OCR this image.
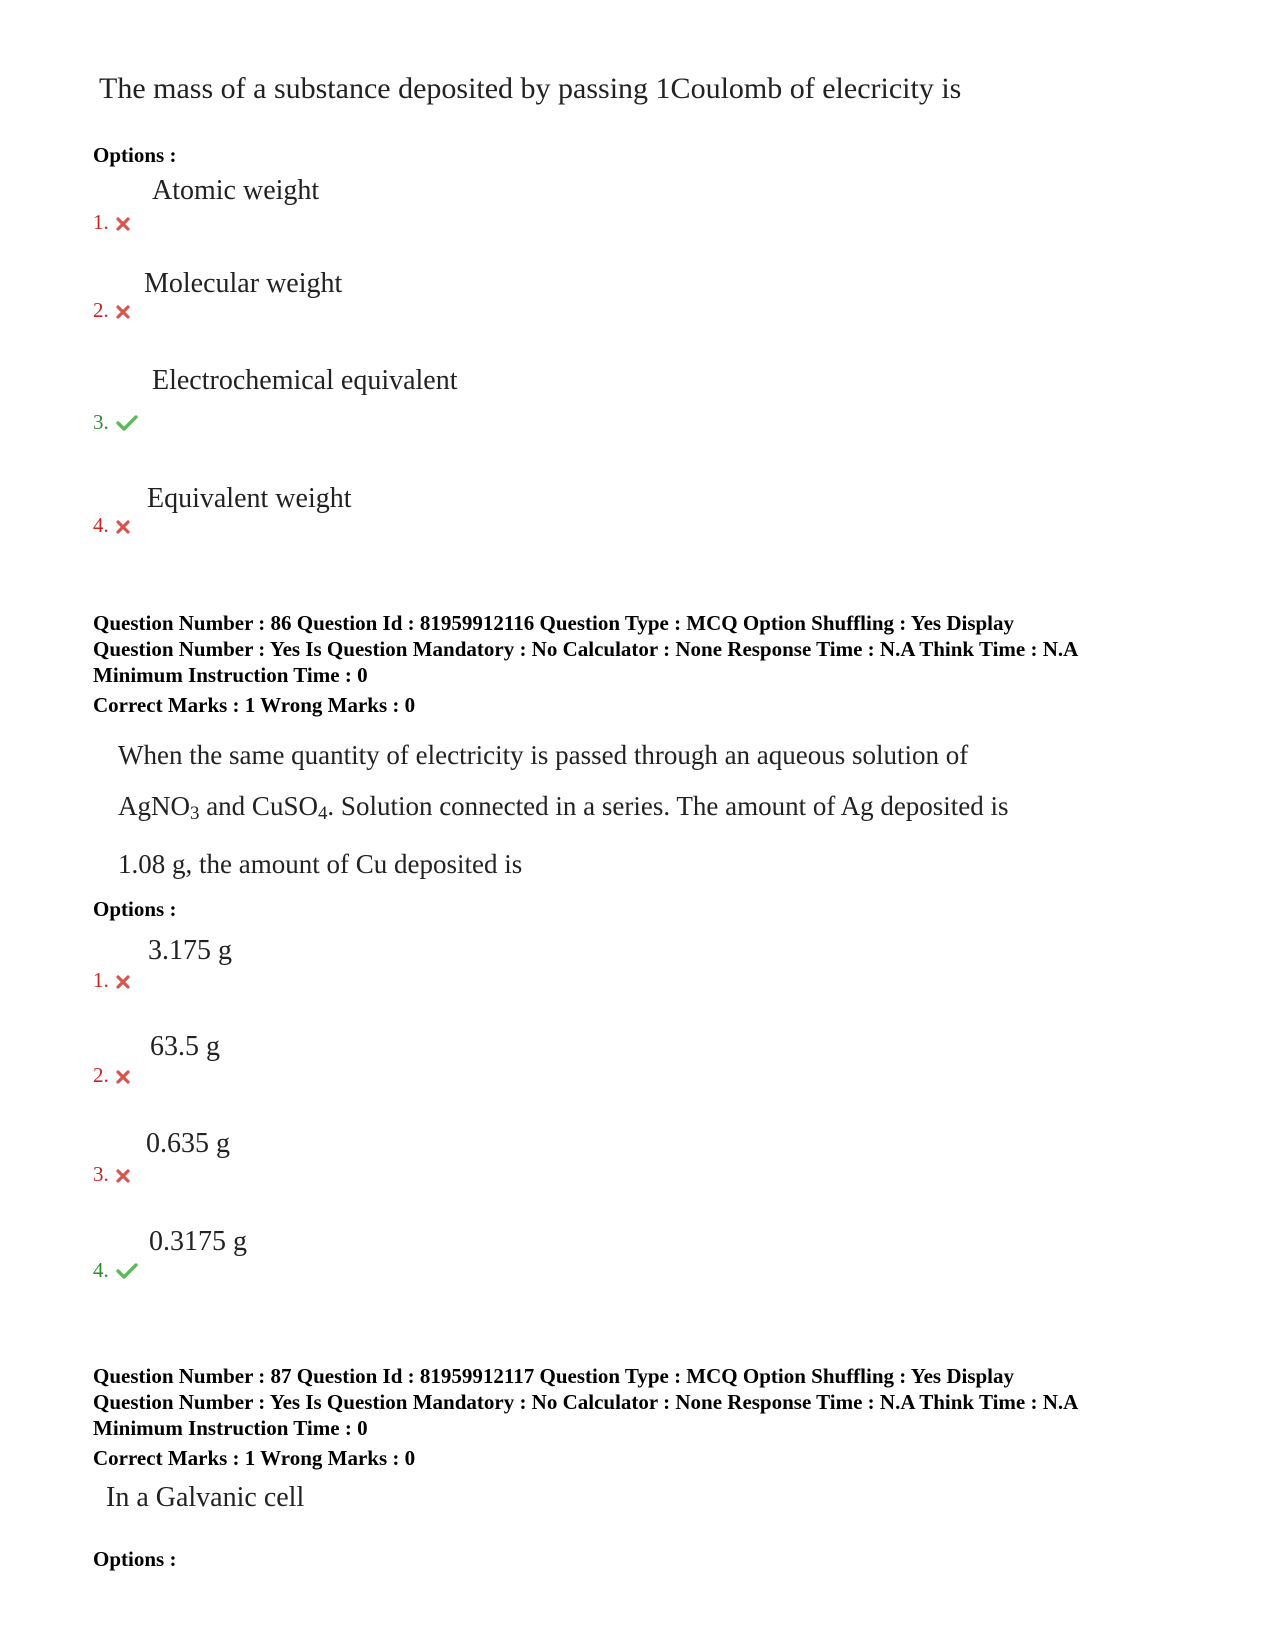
The mass of a substance deposited by passing 1Coulomb of elecricity is
Options :
Atomic weight
1.
Molecular weight
2.
Electrochemical equivalent
3.
Equivalent weight
4.
Question Number : 86 Question Id : 81959912116 Question Type : MCQ Option Shuffling : Yes Display
Question Number : Yes Is Question Mandatory : No Calculator : None Response Time : N.A Think Time : N.A
Minimum Instruction Time : 0
Correct Marks : 1 Wrong Marks : 0
When the same quantity of electricity is passed through an aqueous solution of
AgNO$_3$ and CuSO$_4$. Solution connected in a series. The amount of Ag deposited is
1.08 g, the amount of Cu deposited is
Options :
3.175 g
1.
63.5 g
2.
0.635 g
3.
0.3175 g
4.
Question Number : 87 Question Id : 81959912117 Question Type : MCQ Option Shuffling : Yes Display
Question Number : Yes Is Question Mandatory : No Calculator : None Response Time : N.A Think Time : N.A
Minimum Instruction Time : 0
Correct Marks : 1 Wrong Marks : 0
In a Galvanic cell
Options :
